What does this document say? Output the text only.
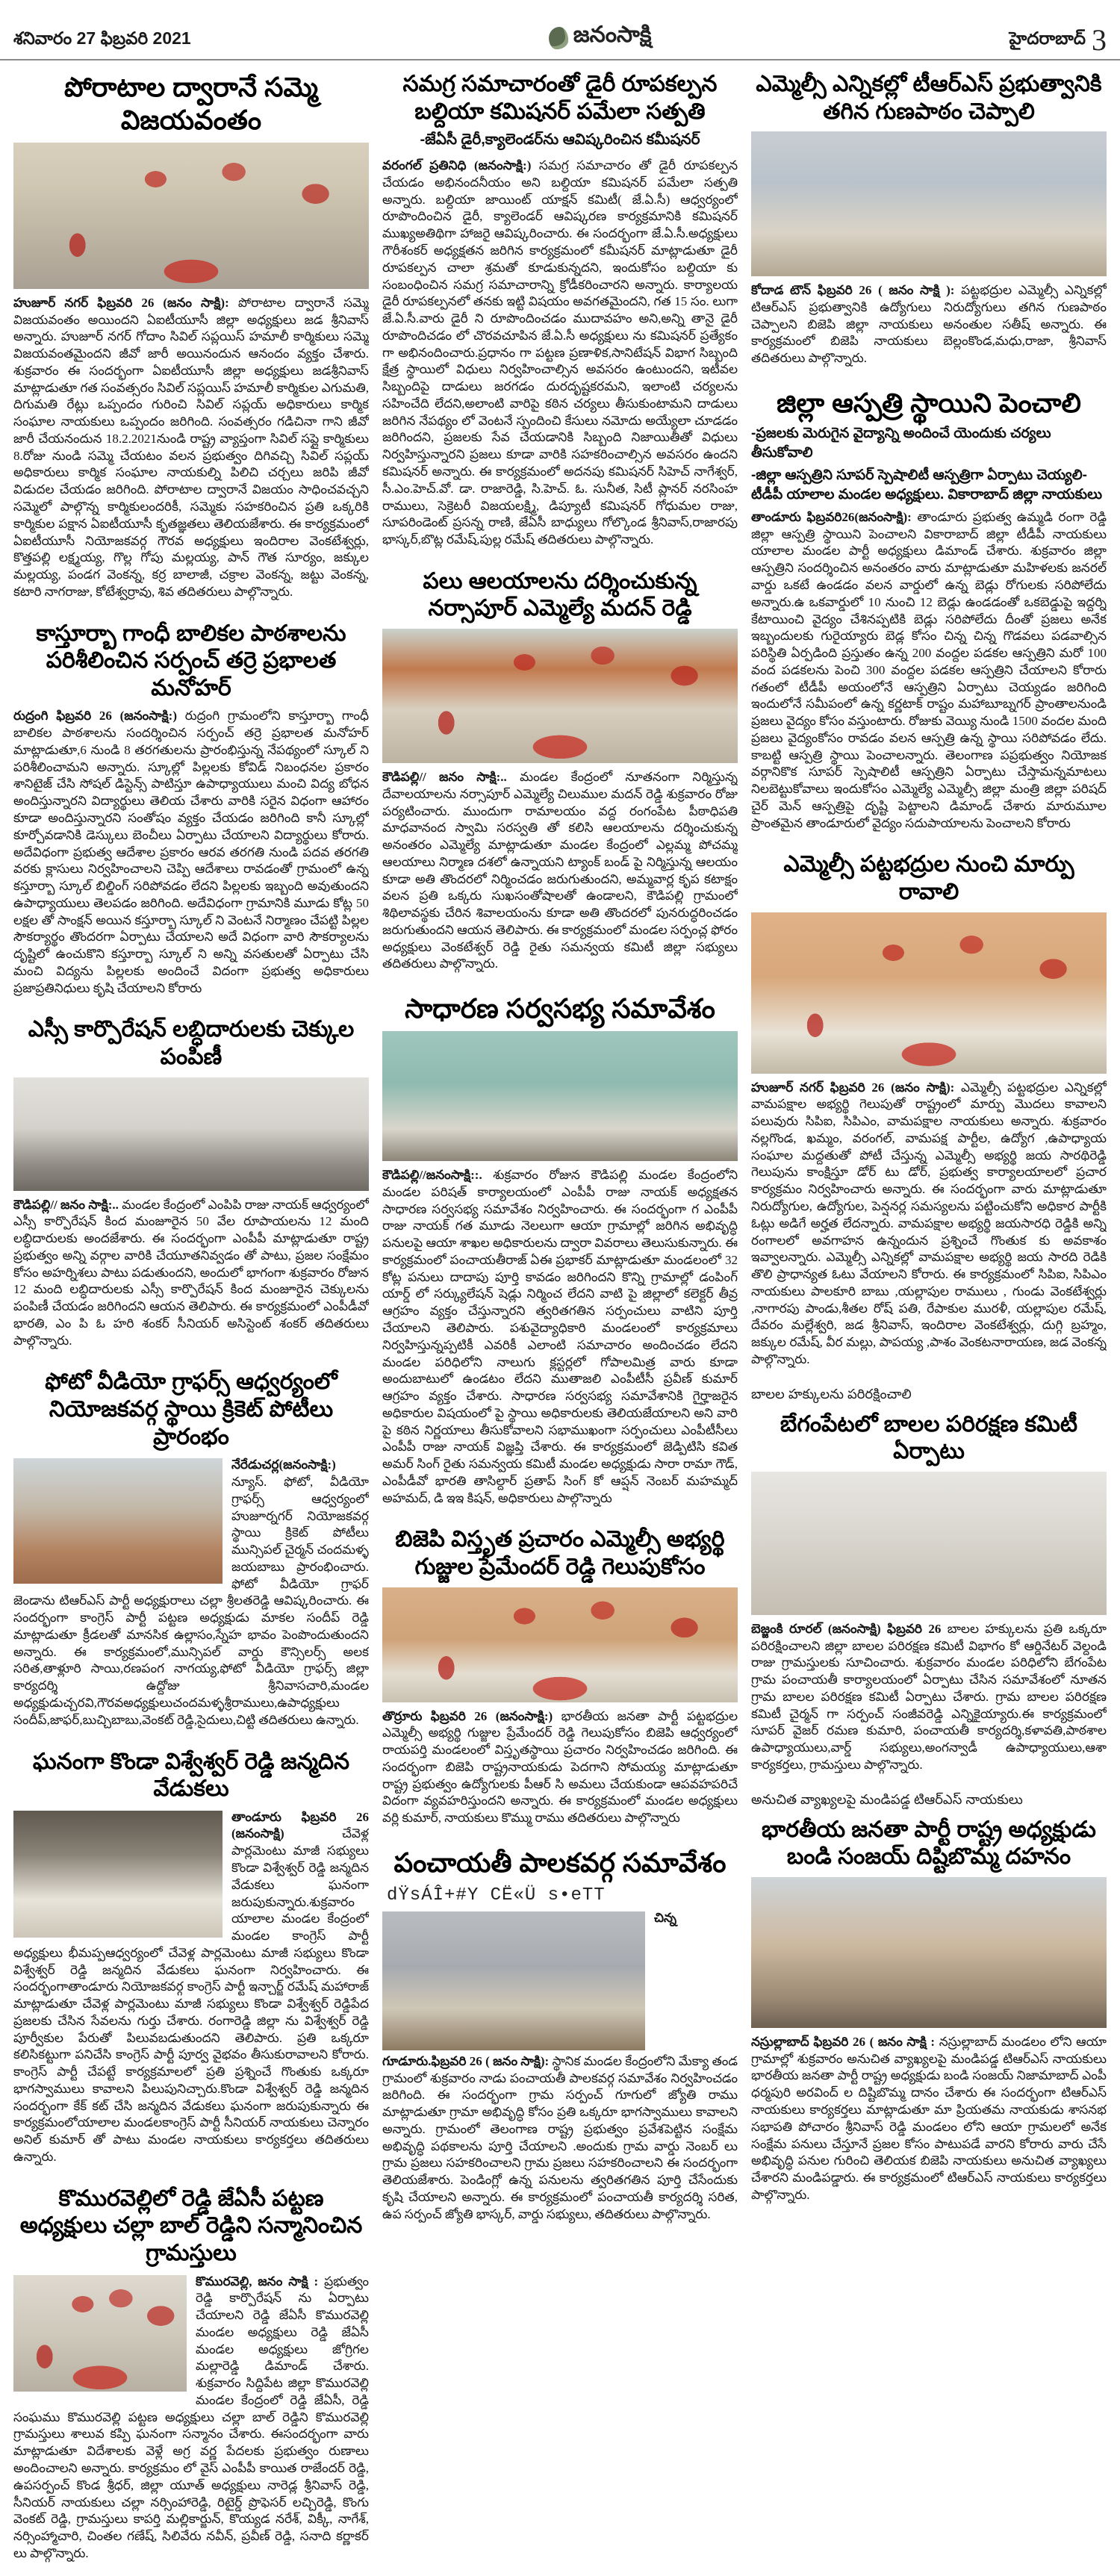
శనివారం 27 ఫిబ్రవరి 2021	జనంసాక్షి	హైదరాబాద్ 3
పోరాటాల ద్వారానే సమ్మె విజయవంతం

హుజూర్ నగర్ ఫిబ్రవరి 26 (జనం సాక్షి): పోరాటాల ద్వారానే సమ్మె విజయవంతం అయిందని ఏఐటీయూసీ జిల్లా అధ్యక్షులు జడ శ్రీనివాస్ అన్నారు. హుజూర్ నగర్ గోదాం సివిల్ సప్లయిస్ హమాలీ కార్మికులు సమ్మె విజయవంతమైందని జీవో జారీ అయినందున ఆనందం వ్యక్తం చేశారు. శుక్రవారం ఈ సందర్భంగా ఏఐటీయూసీ జిల్లా అధ్యక్షులు జడశ్రీనివాస్ మాట్లాడుతూ గత సంవత్సరం సివిల్ సప్లయిస్ హమాలీ కార్మికుల ఎగుమతి, దిగుమతి రేట్లు ఒప్పందం గురించి సివిల్ సప్లయ్ అధికారులు కార్మిక సంఘాల నాయకులు ఒప్పందం జరిగింది. సంవత్సరం గడిచినా గాని జీవో జారీ చేయనందున 18.2.2021నుండి రాష్ట్ర వ్యాప్తంగా సివిల్ సప్లై కార్మికులు 8.రోజు నుండి సమ్మె చేయటం వలన ప్రభుత్వం దిగివచ్చి సివిల్ సప్లయ్ అధికారులు కార్మిక సంఘాల నాయకుల్ని పిలిచి చర్చలు జరిపి జీవో విడుదల చేయడం జరిగింది. పోరాటాల ద్వారానే విజయం సాధించవచ్చని సమ్మెలో పాల్గొన్న కార్మికులందరికీ, సమ్మెకు సహకరించిన ప్రతి ఒక్కరికి కార్మికుల పక్షాన ఏఐటీయూసీ కృతజ్ఞతలు తెలియజేశారు. ఈ కార్యక్రమంలో ఏఐటీయూసీ నియోజకవర్గ గౌరవ అధ్యక్షులు ఇందిరాల వెంకటేశ్వర్లు, కొత్తపల్లి లక్ష్మయ్య, గొల్ల గోపు మల్లయ్య, పాన్ గౌత సూర్యం, జక్కుల మల్లయ్య, పండగ వెంకన్న, కర్ర బాలాజీ, చక్రాల వెంకన్న, జట్టు వెంకన్న, కటారి నాగరాజు, కోటేశ్వర్రావు, శివ తదితరులు పాల్గొన్నారు.

కాస్తూర్బా గాంధీ బాలికల పాఠశాలను పరిశీలించిన సర్పంచ్ తర్రె ప్రభాలత మనోహర్

రుద్రంగి ఫిబ్రవరి 26 (జనంసాక్షి:) రుద్రంగి గ్రామంలోని కాస్తూర్బా గాంధీ బాలికల పాఠశాలను సందర్శించిన సర్పంచ్ తర్రె ప్రభాలత మనోహర్ మాట్లాడుతూ,6 నుండి 8 తరగతులను ప్రారంభిస్తున్న నేపథ్యంలో స్కూల్ ని పరిశీలించామని అన్నారు. స్కూల్లో పిల్లలకు కోవిడ్ నిబంధనల ప్రకారం శానిటైజ్ చేసి సోషల్ డిస్టెన్స్ పాటిస్తూ ఉపాధ్యాయులు మంచి విద్య బోధన అందిస్తున్నారని విద్యార్థులు తెలియ చేశారు వారికి సరైన విధంగా ఆహారం కూడా అందిస్తున్నారని సంతోషం వ్యక్తం చేయడం జరిగింది కానీ స్కూల్లో కూర్చోవడానికి డెస్కులు బెంచీలు ఏర్పాటు చేయాలని విద్యార్థులు కోరారు. అదేవిధంగా ప్రభుత్వ ఆదేశాల ప్రకారం ఆరవ తరగతి నుండి పదవ తరగతి వరకు క్లాసులు నిర్వహించాలని చెప్పి ఆదేశాలు రావడంతో గ్రామంలో ఉన్న కస్తూర్బా స్కూల్ బిల్డింగ్ సరిపోవడం లేదని పిల్లలకు ఇబ్బంది అవుతుందని ఉపాధ్యాయులు తెలపడం జరిగింది. అదేవిధంగా గ్రామానికి మూడు కోట్ల 50 లక్షల తో సాంక్షన్ అయిన కస్తూర్బా స్కూల్ ని వెంటనే నిర్మాణం చేపట్టి పిల్లల సౌకర్యార్థం తొందరగా ఏర్పాటు చేయాలని అదే విధంగా వారి సౌకర్యాలను దృష్టిలో ఉంచుకొని కస్తూర్బా స్కూల్ ని అన్ని వసతులతో ఏర్పాటు చేసి మంచి విద్యను పిల్లలకు అందించే విదంగా ప్రభుత్వ అధికారులు ప్రజాప్రతినిధులు కృషి చేయాలని కోరారు

ఎస్సీ కార్పొరేషన్ లబ్ధిదారులకు చెక్కుల పంపిణీ

కౌడిపల్లి// జనం సాక్షి:.. మండల కేంద్రంలో ఎంపిపి రాజు నాయక్ ఆధ్వర్యంలో ఎస్సీ కార్పొరేషన్ కింద మంజూరైన 50 వేల రూపాయలను 12 మంది లబ్ధిదారులకు అందజేశారు. ఈ సందర్భంగా ఎంపీపీ మాట్లాడుతూ రాష్ట్ర ప్రభుత్వం అన్ని వర్గాల వారికి చేయూతనివ్వడం తో పాటు, ప్రజల సంక్షేమం కోసం అహర్నిశలు పాటు పడుతుందని, అందులో భాగంగా శుక్రవారం రోజున 12 మంది లబ్ధిదారులకు ఎస్సీ కార్పొరేషన్ కింద మంజూరైన చెక్కులను పంపిణీ చేయడం జరిగిందని ఆయన తెలిపారు. ఈ కార్యక్రమంలో ఎంపీడీవో భారతి, ఎం పి ఓ హరి శంకర్ సీనియర్ అసిస్టెంట్ శంకర్ తదితరులు పాల్గొన్నారు.

ఫోటో వీడియో గ్రాఫర్స్ ఆధ్వర్యంలో నియోజకవర్గ స్థాయి క్రికెట్ పోటీలు ప్రారంభం

నేరేడుచర్ల(జనంసాక్షి:) న్యూస్. ఫోటో, వీడియో గ్రాఫర్స్ ఆధ్వర్యంలో హుజూర్నగర్ నియోజకవర్గ స్థాయి క్రికెట్ పోటీలు మున్సిపల్ చైర్మన్ చందమళ్ళ జయబాబు ప్రారంభించారు. ఫోటో వీడియో గ్రాఫర్ జెండాను టిఆర్ఎస్ పార్టీ అధ్యక్షురాలు చల్లా శ్రీలతరెడ్డి ఆవిష్కరించారు. ఈ సందర్భంగా కాంగ్రెస్ పార్టీ పట్టణ అధ్యక్షుడు మాకల సందీప్ రెడ్డి మాట్లాడుతూ క్రీడలతో మానసిక ఉల్లాసం,స్నేహ భావం పెంపొందుతుందని అన్నారు. ఈ కార్యక్రమంలో,మున్సిపల్ వార్డు కౌన్సిలర్స్ అలక సరిత,తాళ్లూరి సాయి,రణపంగ నాగయ్య,ఫోటో వీడియో గ్రాఫర్స్ జిల్లా కార్యదర్శి ఉద్దోజు శ్రీనివాసచారి,మండల అధ్యక్షుడుచ్చరవి,గౌరవఅధ్యక్షులుచందమళ్ళశ్రీరాములు,ఉపాధ్యక్షులు సందీప్,జాఫర్,బుచ్చిబాబు,వెంకట్ రెడ్డి,సైదులు,చిట్టి తదితరులు ఉన్నారు.

ఘనంగా కొండా విశ్వేశ్వర్ రెడ్డి జన్మదిన వేడుకలు

తాండూరు ఫిబ్రవరి 26 (జనంసాక్షి)	చేవెళ్ల పార్లమెంటు మాజీ సభ్యులు కొండా విశ్వేశ్వర్ రెడ్డి జన్మదిన వేడుకలు ఘనంగా జరుపుకున్నారు.శుక్రవారం యాలాల మండల కేంద్రంలో మండల కాంగ్రెస్ పార్టీ అధ్యక్షులు భీమప్పఆధ్వర్యంలో చేవెళ్ల పార్లమెంటు మాజీ సభ్యులు కొండా విశ్వేశ్వర్ రెడ్డి జన్మదిన వేడుకలు ఘనంగా నిర్వహించారు. ఈ సందర్భంగాతాండూరు నియోజకవర్గ కాంగ్రెస్ పార్టీ ఇన్చార్జ్ రమేష్ మహారాజ్ మాట్లాడుతూ చేవెళ్ల పార్లమెంటు మాజీ సభ్యులు కొండా విశ్వేశ్వర్ రెడ్డిపేద ప్రజలకు చేసిన సేవలను గుర్తు చేశారు. రంగారెడ్డి జిల్లా ను విశ్వేశ్వర్ రెడ్డి పూర్వీకుల పేరుతో పిలువబడుతుందని తెలిపారు. ప్రతి ఒక్కరూ కలిసికట్టుగా పనిచేసి కాంగ్రెస్ పార్టీ పూర్వ వైభవం తీసుకురావాలని కోరారు. కాంగ్రెస్ పార్టీ చేపట్టే కార్యక్రమాలలో ప్రతి ప్రశ్నించే గొంతుకు ఒక్కరూ భాగస్వాములు కావాలని పిలుపునిచ్చారు.కొండా విశ్వేశ్వర్ రెడ్డి జన్మదిన సందర్భంగా కేక్ కట్ చేసి జన్మదిన వేడుకలు ఘనంగా జరుపుకున్నారు ఈ కార్యక్రమంలోయాలాల మండలకాంగ్రెస్ పార్టీ సీనియర్ నాయకులు చెన్నారం అనిల్ కుమార్ తో పాటు మండల నాయకులు కార్యకర్తలు తదితరులు ఉన్నారు.

కొమురవెల్లిలో రెడ్డి జేఏసీ పట్టణ అధ్యక్షులు చల్లా బాల్ రెడ్డిని సన్మానించిన గ్రామస్తులు

కొమురవెల్లి, జనం సాక్షి : ప్రభుత్వం రెడ్డి కార్పొరేషన్ ను ఏర్పాటు చేయాలని రెడ్డి జేఏసీ కొమురవెల్లి మండల అధ్యక్షులు రెడ్డి జేఏసీ మండల అధ్యక్షులు జోగ్రిగల మల్లారెడ్డి డిమాండ్ చేశారు. శుక్రవారం సిద్దిపేట జిల్లా కొమురవెల్లి మండల కేంద్రంలో రెడ్డి జేఏసీ, రెడ్డి సంఘము కొమురవెల్లి పట్టణ అధ్యక్షులు చల్లా బాల్ రెడ్డిని కొమురవెల్లి గ్రామస్తులు శాలువ కప్పి ఘనంగా సన్మానం చేశారు. ఈసందర్భంగా వారు మాట్లాడుతూ విదేశాలకు వెళ్లే అగ్ర వర్ణ పేదలకు ప్రభుత్వం రుణాలు అందించాలని అన్నారు. కార్యక్రమం లో వైస్ ఎంపీపీ కాయిత రాజేందర్ రెడ్డి, ఉపసర్పంచ్ కొండ శ్రీధర్, జిల్లా యూత్ అధ్యక్షులు నారెడ్ల శ్రీనివాస్ రెడ్డి, సీనియర్ నాయకులు చల్లా నర్సింహారెడ్డి, రిటైర్డ్ ప్రొఫెసర్ లచ్చిరెడ్డి, కొంగు వెంకట్ రెడ్డి, గ్రామస్తులు కాపర్తి మల్లికార్జున్, కొయ్యడ నరేశ్, విక్కీ, నాగేశ్, నర్సింహ్మాచారి, చింతల గణేష్, సిలివేరు నవీన్, ప్రవీణ్ రెడ్డి, సనాది కర్ణాకర్ లు పాల్గొన్నారు.

సమగ్ర సమాచారంతో డైరీ రూపకల్పన బల్దియా కమిషనర్ పమేలా సత్పతి
-జేఏసీ డైరీ,క్యాలెండర్‌ను ఆవిష్కరించిన కమీషనర్

వరంగల్ ప్రతినిధి (జనంసాక్షి:) సమగ్ర సమాచారం తో డైరీ రూపకల్పన చేయడం అభినందనీయం అని బల్దియా కమిషనర్ పమేలా సత్పతి అన్నారు. బల్దియా జాయింట్ యాక్షన్ కమిటీ( జే.ఏ.సీ) ఆధ్వర్యంలో రూపొందించిన డైరీ, క్యాలెండర్ ఆవిష్కరణ కార్యక్రమానికి కమిషనర్ ముఖ్యఅతిథిగా హాజరై ఆవిష్కరించారు. ఈ సందర్భంగా జే.ఏ.సీ.అధ్యక్షులు గౌరీశంకర్ అధ్యక్షతన జరిగిన కార్యక్రమంలో కమీషనర్ మాట్లాడుతూ డైరీ రూపకల్పన చాలా శ్రమతో కూడుకున్నదని, ఇందుకోసం బల్దియా కు సంబంధించిన సమగ్ర సమాచారాన్ని క్రోడీకరించారని అన్నారు. కార్యాలయ డైరీ రూపకల్పనలో తనకు ఇట్టి విషయం అవగతమైందని, గత 15 సం. లుగా జే.ఏ.సీ.వారు డైరీ ని రూపొందించడం ముదావహం అని,అన్ని తానై డైరీ రూపొందిచడం లో చొరవచూపిన జే.ఏ.సీ అధ్యక్షులు ను కమిషనర్ ప్రత్యేకం గా అభినందించారు.ప్రధానం గా పట్టణ ప్రణాళిక,సానిటేషన్ విభాగ సిబ్బంది క్షేత్ర స్థాయిలో విధులు నిర్వహించాల్సిన అవసరం ఉంటుందని, ఇటీవల సిబ్బందిపై దాడులు జరగడం దురదృష్టకరమని, ఇలాంటి చర్యలను సహించేది లేదని,అలాంటి వారిపై కఠిన చర్యలు తీసుకుంటామని దాడులు జరిగిన నేపథ్యం లో వెంటనే స్పందించి కేసులు నమోదు అయ్యేలా చూడడం జరిగిందని, ప్రజలకు సేవ చేయడానికి సిబ్బంది నిజాయితీతో విధులు నిర్వహిస్తున్నారని ప్రజలు కూడా వారికి సహకరించాల్సిన అవసరం ఉందని కమిషనర్ అన్నారు. ఈ కార్యక్రమంలో అదనపు కమిషనర్ సిహెచ్ నాగేశ్వర్, సీ.ఎం.హెచ్.వో. డా. రాజారెడ్డి, సి.హెచ్. ఓ. సునీత, సిటీ ప్లానర్ నరసింహ రాములు, సెక్రెటరీ విజయలక్ష్మి, డిప్యూటీ కమిషనర్ గోధుమల రాజు, సూపరిండెంట్ ప్రసన్న రాణి, జేఏసీ బాధ్యులు గోల్కొండ శ్రీనివాస్,రాజారపు భాస్కర్,బొట్ల రమేష్,పుల్ల రమేష్ తదితరులు పాల్గొన్నారు.

పలు ఆలయాలను దర్శించుకున్న నర్సాపూర్ ఎమ్మెల్యే మదన్ రెడ్డి

కౌడిపల్లి// జనం సాక్షి:.. మండల కేంద్రంలో నూతనంగా నిర్మిస్తున్న దేవాలయాలను నర్సాపూర్ ఎమ్మెల్యే చిలుముల మదన్ రెడ్డి శుక్రవారం రోజు పర్యటించారు. ముందుగా రామాలయం వద్ద రంగంపేట పీఠాధిపతి మాధవానంద స్వామి సరస్వతి తో కలిసి ఆలయాలను దర్శించుకున్న అనంతరం ఎమ్మెల్యే మాట్లాడుతూ మండల కేంద్రంలో ఎల్లమ్మ పోచమ్మ ఆలయాలు నిర్మాణ దశలో ఉన్నాయని ట్యాంక్ బండ్ పై నిర్మిస్తున్న ఆలయం కూడా అతి తొందరలో నిర్మించడం జరుగుతుందని, అమ్మవార్ల కృప కటాక్షం వలన ప్రతి ఒక్కరు సుఖసంతోషాలతో ఉండాలని, కౌడిపల్లి గ్రామంలో శిథిలావస్థకు చేరిన శివాలయంను కూడా అతి తొందరలో పునరుద్ధరించడం జరుగుతుందని ఆయన తెలిపారు. ఈ కార్యక్రమంలో మండల సర్పంచ్ల ఫోరం అధ్యక్షులు వెంకటేశ్వర్ రెడ్డి రైతు సమన్వయ కమిటీ జిల్లా సభ్యులు తదితరులు పాల్గొన్నారు.

సాధారణ సర్వసభ్య సమావేశం

కౌడిపల్లి//జనంసాక్షి::. శుక్రవారం రోజున కౌడిపల్లి మండల కేంద్రంలోని మండల పరిషత్ కార్యాలయంలో ఎంపీపీ రాజు నాయక్ అధ్యక్షతన సాధారణ సర్వసభ్య సమావేశం నిర్వహించారు. ఈ సందర్భంగా గ ఎంపీపీ రాజు నాయక్ గత మూడు నెలలుగా ఆయా గ్రామాల్లో జరిగిన అభివృద్ధి పనులపై ఆయా శాఖల అధికారులను ద్వారా వివరాలు తెలుసుకున్నారు. ఈ కార్యక్రమంలో పంచాయతీరాజ్ ఏఈ ప్రభాకర్ మాట్లాడుతూ మండలంలో 32 కోట్ల పనులు దాదాపు పూర్తి కావడం జరిగిందని కొన్ని గ్రామాల్లో డంపింగ్ యార్డ్ లో సర్క్యులేషన్ షెడ్లు నిర్మించ లేదని వాటి పై జిల్లాలో కలెక్టర్ తీవ్ర ఆగ్రహం వ్యక్తం చేస్తున్నారని త్వరితగతిన సర్పంచులు వాటిని పూర్తి చేయాలని తెలిపారు. పశువైద్యాధికారి మండలంలో కార్యక్రమాలు నిర్వహిస్తున్నప్పటికీ ఎవరికీ ఎలాంటి సమాచారం అందించడం లేదని మండల పరిధిలోని నాలుగు క్లస్టర్లలో గోపాలమిత్ర వారు కూడా అందుబాటులో ఉండటం లేదని ముతాజలి ఎంపీటీసీ ప్రవీణ్ కుమార్ ఆగ్రహం వ్యక్తం చేశారు. సాధారణ సర్వసభ్య సమావేశానికి గైర్హాజరైన అధికారుల విషయంలో పై స్థాయి అధికారులకు తెలియజేయాలని అని వారి పై కఠిన నిర్ణయాలు తీసుకోవాలని సభాముఖంగా సర్పంచులు ఎంపీటీసీలు ఎంపీపీ రాజు నాయక్ విజ్ఞప్తి చేశారు. ఈ కార్యక్రమంలో జెడ్పిటిసి కవిత అమర్ సింగ్ రైతు సమన్వయ కమిటీ మండల అధ్యక్షుడు సారా రామా గౌడ్, ఎంపీడీవో భారతి తాసిల్దార్ ప్రతాప్ సింగ్ కో ఆప్షన్ నెంబర్ మహమ్మద్ అహమద్, డి ఇఇ కిషన్, అధికారులు పాల్గొన్నారు

బిజెపి విస్తృత ప్రచారం ఎమ్మెల్సీ అభ్యర్థి గుజ్జుల ప్రేమేందర్ రెడ్డి గెలుపుకోసం

తొర్రూరు ఫిబ్రవరి 26 (జనంసాక్షి:) భారతీయ జనతా పార్టీ పట్టభద్రుల ఎమ్మెల్సీ అభ్యర్థి గుజ్జుల ప్రేమేందర్ రెడ్డి గెలుపుకోసం బిజెపి ఆధ్వర్యంలో రాయపర్తి మండలంలో విస్తృతస్థాయి ప్రచారం నిర్వహించడం జరిగింది. ఈ సందర్భంగా బిజెపి రాష్ట్రనాయకుడు పెదగాని సోమయ్య మాట్లాడుతూ రాష్ట్ర ప్రభుత్వం ఉద్యోగులకు పీఆర్ సి అమలు చేయకుండా ఆపవహపరిచే విదంగా వ్యవహరిస్తుందని అన్నారు. ఈ కార్యక్రమంలో మండల అధ్యక్షులు వర్లి కుమార్, నాయకులు కొమ్ము రాము తదితరులు పాల్గొన్నారు

పంచాయతీ పాలకవర్గ సమావేశం
dŸsÁÎ+#Y CË«Ü s•eTT

చిన్న గూడూరు.ఫిబ్రవరి 26 ( జనం సాక్షి): స్థానిక మండల కేంద్రంలోని మేక్యా తండ గ్రామంలో శుక్రవారం నాడు పంచాయతీ పాలకవర్గ సమావేశం నిర్వహించడం జరిగింది. ఈ సందర్భంగా గ్రామ సర్పంచ్ గూగులో జ్యోతి రాము మాట్లాడుతూ గ్రామా అభివృద్ధి కోసం ప్రతి ఒక్కరూ భాగస్వాములు కావాలని అన్నారు. గ్రామంలో తెలంగాణ రాష్ట్ర ప్రభుత్వం ప్రవేశపెట్టిన సంక్షేమ అభివృద్ధి పథకాలను పూర్తి చేయాలని .అందుకు గ్రామ వార్డు నెంబర్ లు గ్రామ ప్రజలు సహకరించాలని గ్రామ ప్రజలు సహకరించాలని ఈ సందర్భంగా తెలియజేశారు. పెండింగ్లో ఉన్న పనులను త్వరితగతిన పూర్తి చేసేందుకు కృషి చేయాలని అన్నారు. ఈ కార్యక్రమంలో పంచాయతీ కార్యదర్శి సరిత, ఉప సర్పంచ్ జ్యోతి భాస్కర్, వార్డు సభ్యులు, తదితరులు పాల్గొన్నారు.

ఎమ్మెల్సీ ఎన్నికల్లో టీఆర్‌ఎస్ ప్రభుత్వానికి తగిన గుణపాఠం చెప్పాలి

కోదాడ టౌన్ ఫిబ్రవరి 26 ( జనం సాక్షి ): పట్టభద్రుల ఎమ్మెల్సీ ఎన్నికల్లో టిఆర్ఎస్ ప్రభుత్వానికి ఉద్యోగులు నిరుద్యోగులు తగిన గుణపాఠం చెప్పాలని బిజెపి జిల్లా నాయకులు అనంతుల సతీష్ అన్నారు. ఈ కార్యక్రమంలో బిజెపి నాయకులు బెల్లంకొండ,మధు,రాజా, శ్రీనివాస్ తదితరులు పాల్గొన్నారు.

జిల్లా ఆస్పత్రి స్థాయిని పెంచాలి
-ప్రజలకు మెరుగైన వైద్యాన్ని అందించే యెందుకు చర్యలు తీసుకోవాలి
-జిల్లా ఆస్పత్రిని సూపర్ స్పెషాలిటీ ఆస్పత్రిగా ఏర్పాటు చెయ్యలి- టీడీపీ యాలాల మండల అధ్యక్షులు. వికారాబాద్ జిల్లా నాయకులు

తాండూరు ఫిబ్రవరి26(జనంసాక్షి): తాండూరు ప్రభుత్వ ఉమ్మడి రంగా రెడ్డి జిల్లా ఆస్పత్రి స్థాయిని పెంచాలని వికారాబాద్ జిల్లా టీడీపీ నాయకులు యాలాల మండల పార్టీ అధ్యక్షులు డిమాండ్ చేశారు. శుక్రవారం జిల్లా ఆస్పత్రిని సందర్శించిన అనంతరం వారు మాట్లాడుతూ మహిళలకు జనరల్ వార్డు ఒకటే ఉండడం వలన వార్డులో ఉన్న బెడ్లు రోగులకు సరిపోలేదు అన్నారు.ఉ ఒకవార్డులో 10 నుంచి 12 బెడ్లు ఉండడంతో ఒకబెడ్డుపై ఇద్దర్ని కేటాయించి వైద్యం చేశినప్పటికి బెడ్లు సరిపోలేదు దీంతో ప్రజలు అనేక ఇబ్బందులకు గురైయ్యారు బెడ్ల కోసం చిన్న చిన్న గొడవలు పడవాల్సిన పరిస్థితి ఏర్పడింది ప్రస్తుతం ఉన్న 200 వంద్దల పడకల ఆస్పత్రిని మరో 100 వంద పడకలను పెంచి 300 వంద్దల పడకల ఆస్పత్రిని చేయాలని కోరారు గతంలో టీడీపీ అయంలోనే ఆస్పత్రిని ఏర్పాటు చెయ్యడం జరిగింది ఇందులోనే సమీపంలో ఉన్న కర్ణటాక్ రాష్టం మహాబూబ్నగర్ ప్రాంతాలనుండి ప్రజలు వైద్యం కోసం వస్తుంటారు. రోజుకు వెయ్యి నుండి 1500 వందల మంది ప్రజలు వైద్యంకోసం రావడం వలన ఆస్పత్రి ఉన్న స్థాయి సరిపోవడం లేదు. కాబట్టి ఆస్పత్రి స్థాయి పెంచాలన్నారు. తెలంగాణ పప్రభుత్వం నియోజక వర్గానికొక సూపర్ స్పెషాలిటీ ఆస్పత్రిని ఏర్పాటు చేస్తామన్నమాటలు నిలబెట్టుకోవాలు ఇందుకోసం ఎమ్మెల్యే ఎమ్మెల్సీ జిల్లా మంత్రి జిల్లా పరిషద్ చైర్ మెన్ ఆస్పత్రిపై దృష్టి పెట్టాలని డిమాండ్ చేశారు మారుమూల ప్రాంతమైన తాండూరులో వైద్యం సదుపాయాలను పెంచాలని కోరారు

ఎమ్మెల్సీ పట్టభద్రుల నుంచి మార్పు రావాలి

హుజూర్ నగర్ ఫిబ్రవరి 26 (జనం సాక్షి): ఎమ్మెల్సీ పట్టభద్రుల ఎన్నికల్లో వామపక్షాల అభ్యర్థి గెలుపుతో రాష్ట్రంలో మార్పు మొదలు కావాలని పలువురు సిపిఐ, సిపిఎం, వామపక్షాల నాయకులు అన్నారు. శుక్రవారం నల్లగొండ, ఖమ్మం, వరంగల్, వామపక్ష పార్టీల, ఉద్యోగ ,ఉపాధ్యాయ సంఘాల మద్దతుతో పోటీ చేస్తున్న ఎమ్మెల్సీ అభ్యర్థి జయ సారథిరెడ్డి గెలుపును కాంక్షిస్తూ డోర్ టు డోర్, ప్రభుత్వ కార్యాలయాలలో ప్రచార కార్యక్రమం నిర్వహించారు అన్నారు. ఈ సందర్భంగా వారు మాట్లాడుతూ నిరుద్యోగుల, ఉద్యోగుల, పెన్షనర్ల సమస్యలను పట్టించుకోని అధికార పార్టీకి ఓట్లు అడిగే అర్హత లేదన్నారు. వామపక్షాల అభ్యర్థి జయసారధి రెడ్డికి అన్ని రంగాలలో అవగాహన ఉన్నందున ప్రశ్నించే గొంతుక కు అవకాశం ఇవ్వాలన్నారు. ఎమ్మెల్సీ ఎన్నికల్లో వామపక్షాల అభ్యర్థి జయ సారది రెడికి తొలి ప్రాధాన్యత ఓటు వేయాలని కోరారు. ఈ కార్యక్రమంలో సిపిఐ, సిపిఎం నాయకులు పాలకూరి బాబు ,యల్లాపుల రాములు , గుండు వెంకటేశ్వర్లు ,నాగారపు పాండు,శీతల రోష్ పతి, రేపాకుల మురళీ, యల్లాపుల రమేష్, దేవరం మల్లేశ్వరి, జడ శ్రీనివాస్, ఇందిరాల వెంకటేశ్వర్లు, దుగ్గి బ్రహ్మం, జక్కుల రమేష్, వీర మల్లు, పాపయ్య ,పాశం వెంకటనారాయణ, జడ వెంకన్న పాల్గొన్నారు.

బాలల హక్కులను పరిరక్షించాలి
బేగంపేటలో బాలల పరిరక్షణ కమిటీ ఏర్పాటు

బెజ్జంకి రూరల్ (జనంసాక్షి) ఫిబ్రవరి 26 బాలల హక్కులను ప్రతి ఒక్కరూ పరిరక్షించాలని జిల్లా బాలల పరిరక్షణ కమిటీ విభాగం కో ఆర్డినేటర్ వెల్దండి రాజు గ్రామస్తులకు సూచించారు. శుక్రవారం మండల పరిధిలోని బేగంపేట గ్రామ పంచాయతీ కార్యాలయంలో ఏర్పాటు చేసిన సమావేశంలో నూతన గ్రామ బాలల పరిరక్షణ కమిటీ ఏర్పాటు చేశారు. గ్రామ బాలల పరిరక్షణ కమిటీ చైర్మన్ గా సర్పంచ్ సంజీవరెడ్డి ఎన్నికైయ్యారు.ఈ కార్యక్రమంలో సూపర్ వైజర్ రమణ కుమారి, పంచాయతీ కార్యదర్శి,కళావతి,పాఠశాల ఉపాధ్యాయులు,వార్డ్ సభ్యులు,అంగన్వాడీ ఉపాధ్యాయులు,ఆశా కార్యకర్తలు, గ్రామస్తులు పాల్గొన్నారు.

అనుచిత వ్యాఖ్యలపై మండిపడ్డ టిఆర్ఎస్ నాయకులు
భారతీయ జనతా పార్టీ రాష్ట్ర అధ్యక్షుడు బండి సంజయ్ దిష్టిబొమ్మ దహనం

నస్రుల్లాబాద్ ఫిబ్రవరి 26 ( జనం సాక్షి : నస్రుల్లాబాద్ మండలం లోని ఆయా గ్రామాల్లో శుక్రవారం అనుచిత వ్యాఖ్యలపై మండిపడ్డ టిఆర్ఎస్ నాయకులు భారతీయ జనతా పార్టీ రాష్ట్ర అధ్యక్షుడు బండి సంజయ్ నిజామాబాద్ ఎంపీ ధర్మపురి అరవింద్ ల దిష్టిబొమ్మ దానం చేశారు ఈ సందర్భంగా టిఆర్ఎస్ నాయకులు కార్యకర్తలు మాట్లాడుతూ మా ప్రియతమ నాయకుడు శాసనభ సభాపతి పోచారం శ్రీనివాస్ రెడ్డి మండలం లోని ఆయా గ్రామలలో అనేక సంక్షేమ పనులు చేస్తూనే ప్రజల కోసం పాటుపడే వారని కోరారు వారు చేసే అభివృద్ధి పనుల గురించి తెలియక బిజెపి నాయకులు అనుచిత వ్యాఖ్యలు చేశారని మండిపడ్డారు. ఈ కార్యక్రమంలో టిఆర్ఎస్ నాయకులు కార్యకర్తలు పాల్గొన్నారు.
